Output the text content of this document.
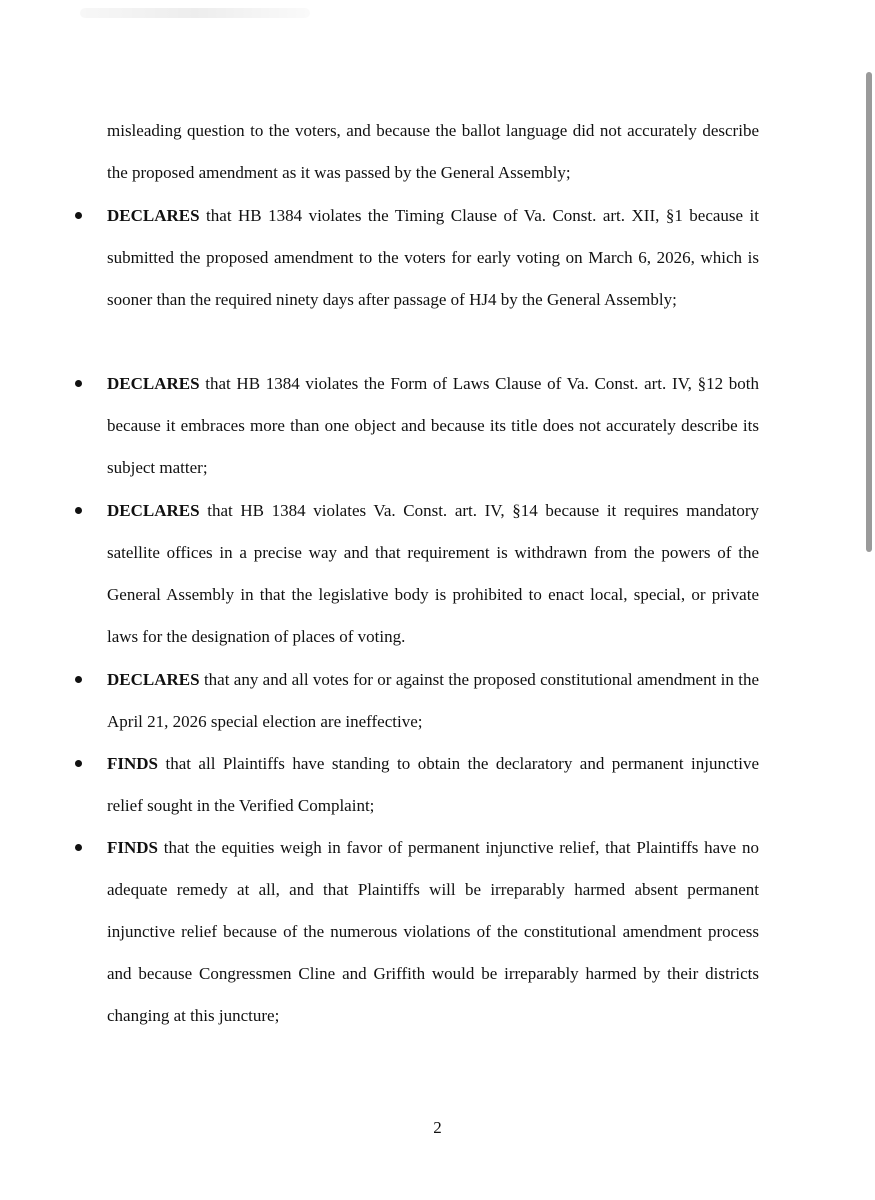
misleading question to the voters, and because the ballot language did not accurately describe the proposed amendment as it was passed by the General Assembly;

DECLARES that HB 1384 violates the Timing Clause of Va. Const. art. XII, §1 because it submitted the proposed amendment to the voters for early voting on March 6, 2026, which is sooner than the required ninety days after passage of HJ4 by the General Assembly;

DECLARES that HB 1384 violates the Form of Laws Clause of Va. Const. art. IV, §12 both because it embraces more than one object and because its title does not accurately describe its subject matter;

DECLARES that HB 1384 violates Va. Const. art. IV, §14 because it requires mandatory satellite offices in a precise way and that requirement is withdrawn from the powers of the General Assembly in that the legislative body is prohibited to enact local, special, or private laws for the designation of places of voting.

DECLARES that any and all votes for or against the proposed constitutional amendment in the April 21, 2026 special election are ineffective;

FINDS that all Plaintiffs have standing to obtain the declaratory and permanent injunctive relief sought in the Verified Complaint;

FINDS that the equities weigh in favor of permanent injunctive relief, that Plaintiffs have no adequate remedy at all, and that Plaintiffs will be irreparably harmed absent permanent injunctive relief because of the numerous violations of the constitutional amendment process and because Congressmen Cline and Griffith would be irreparably harmed by their districts changing at this juncture;

2
